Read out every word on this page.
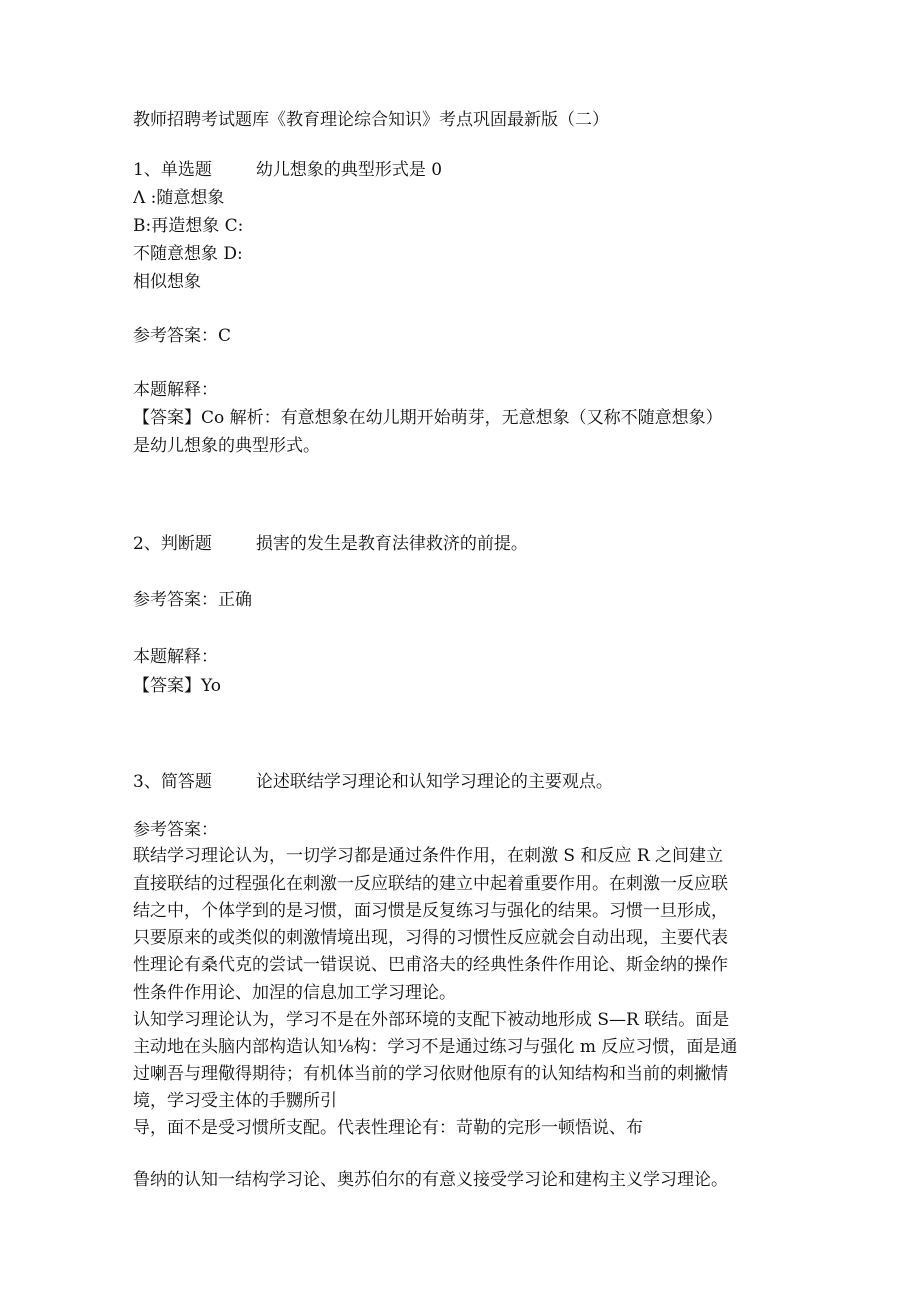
教师招聘考试题库《教育理论综合知识》考点巩固最新版（二）
1、单选题	幼儿想象的典型形式是 0
Λ :随意想象
B:再造想象 C:
不随意想象 D:
相似想象
参考答案：C
本题解释：
【答案】Co 解析：有意想象在幼儿期开始萌芽，无意想象（又称不随意想象）
是幼儿想象的典型形式。
2、判断题	损害的发生是教育法律救济的前提。
参考答案：正确
本题解释：
【答案】Yo
3、简答题	论述联结学习理论和认知学习理论的主要观点。
参考答案：
联结学习理论认为，一切学习都是通过条件作用，在刺激 S 和反应 R 之间建立
直接联结的过程强化在刺激一反应联结的建立中起着重要作用。在刺激一反应联
结之中，个体学到的是习惯，面习惯是反复练习与强化的结果。习惯一旦形成，
只要原来的或类似的刺激情境出现，习得的习惯性反应就会自动出现，主要代表
性理论有桑代克的尝试一错误说、巴甫洛夫的经典性条件作用论、斯金纳的操作
性条件作用论、加涅的信息加工学习理论。
认知学习理论认为，学习不是在外部环境的支配下被动地形成 S—R 联结。面是
主动地在头脑内部构造认知⅛构：学习不是通过练习与强化 m 反应习惯，面是通
过喇吾与理儆得期待；有机体当前的学习依财他原有的认知结构和当前的刺撇情
境，学习受主体的手嬲所引
导，面不是受习惯所支配。代表性理论有：苛勒的完形一顿悟说、布
鲁纳的认知一结构学习论、奥苏伯尔的有意义接受学习论和建构主义学习理论。
